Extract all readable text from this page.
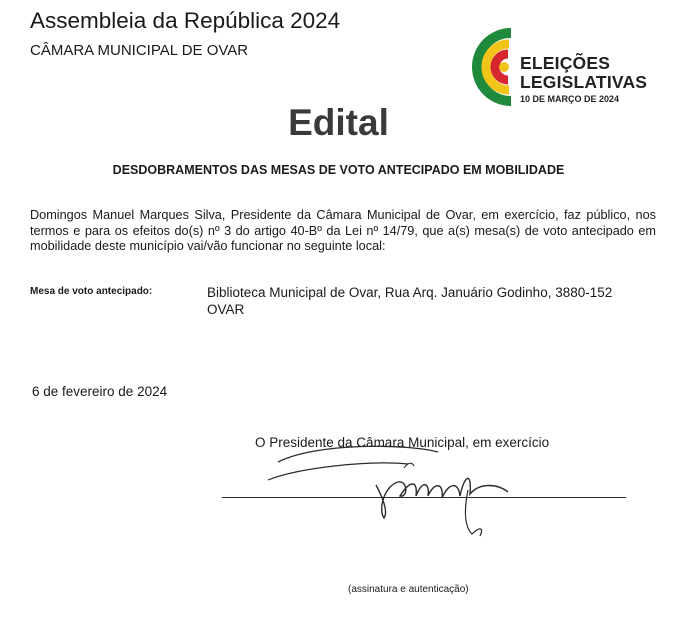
Assembleia da República 2024
CÂMARA MUNICIPAL DE OVAR
ELEIÇÕES
LEGISLATIVAS
10 DE MARÇO DE 2024
Edital
DESDOBRAMENTOS DAS MESAS DE VOTO ANTECIPADO EM MOBILIDADE
Domingos Manuel Marques Silva, Presidente da Câmara Municipal de Ovar, em exercício, faz público, nos termos e para os efeitos do(s) nº 3 do artigo 40-Bº da Lei nº 14/79, que a(s) mesa(s) de voto antecipado em mobilidade deste município vai/vão funcionar no seguinte local:
Mesa de voto antecipado:	Biblioteca Municipal de Ovar, Rua Arq. Januário Godinho, 3880-152 OVAR
6 de fevereiro de 2024
O Presidente da Câmara Municipal, em exercício
(assinatura e autenticação)
